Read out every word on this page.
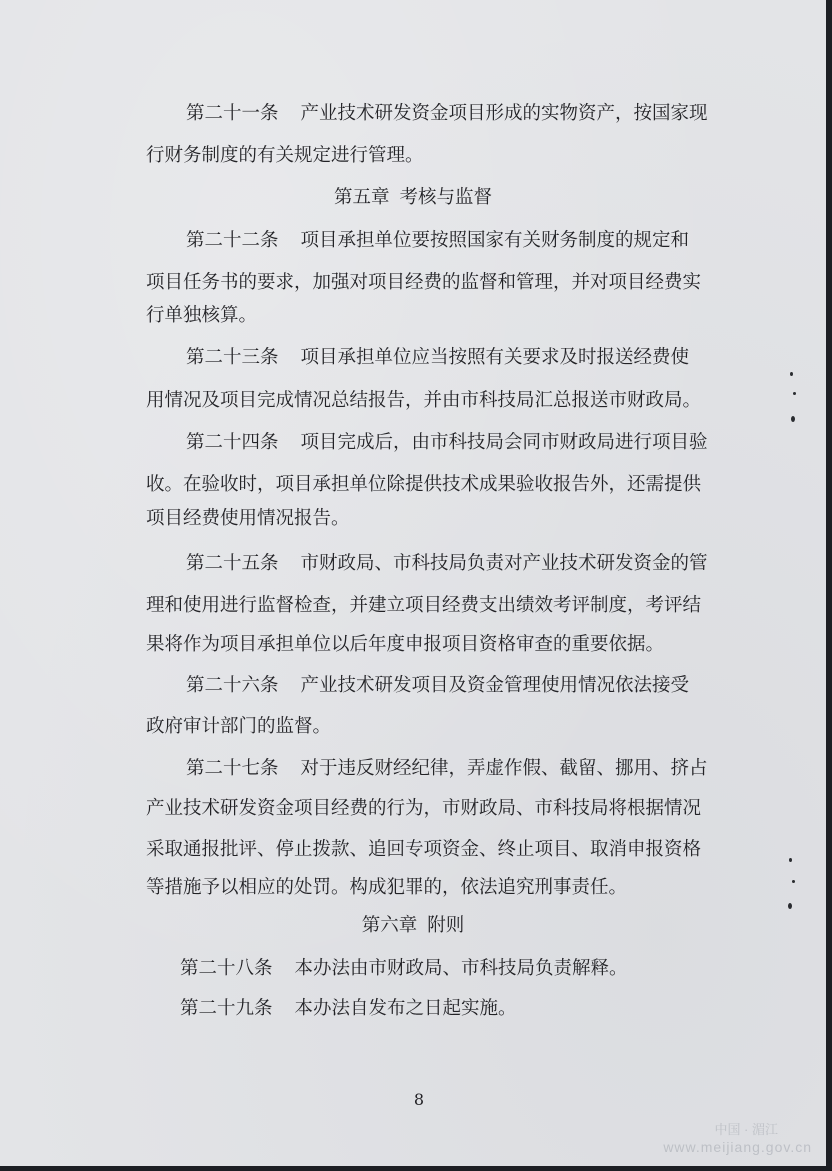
第二十一条 产业技术研发资金项目形成的实物资产，按国家现
行财务制度的有关规定进行管理。
第五章 考核与监督
第二十二条 项目承担单位要按照国家有关财务制度的规定和
项目任务书的要求，加强对项目经费的监督和管理，并对项目经费实
行单独核算。
第二十三条 项目承担单位应当按照有关要求及时报送经费使
用情况及项目完成情况总结报告，并由市科技局汇总报送市财政局。
第二十四条 项目完成后，由市科技局会同市财政局进行项目验
收。在验收时，项目承担单位除提供技术成果验收报告外，还需提供
项目经费使用情况报告。
第二十五条 市财政局、市科技局负责对产业技术研发资金的管
理和使用进行监督检查，并建立项目经费支出绩效考评制度，考评结
果将作为项目承担单位以后年度申报项目资格审查的重要依据。
第二十六条 产业技术研发项目及资金管理使用情况依法接受
政府审计部门的监督。
第二十七条 对于违反财经纪律，弄虚作假、截留、挪用、挤占
产业技术研发资金项目经费的行为，市财政局、市科技局将根据情况
采取通报批评、停止拨款、追回专项资金、终止项目、取消申报资格
等措施予以相应的处罚。构成犯罪的，依法追究刑事责任。
第六章 附则
第二十八条 本办法由市财政局、市科技局负责解释。
第二十九条 本办法自发布之日起实施。
8
中国 · 湄江
www.meijiang.gov.cn
